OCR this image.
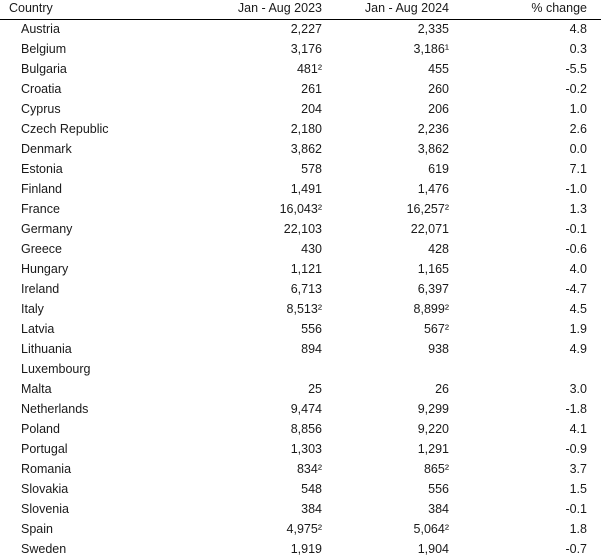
Country	Jan - Aug 2023	Jan - Aug 2024	% change
Austria	2,227	2,335	4.8
Belgium	3,176	3,186¹	0.3
Bulgaria	481²	455	-5.5
Croatia	261	260	-0.2
Cyprus	204	206	1.0
Czech Republic	2,180	2,236	2.6
Denmark	3,862	3,862	0.0
Estonia	578	619	7.1
Finland	1,491	1,476	-1.0
France	16,043²	16,257²	1.3
Germany	22,103	22,071	-0.1
Greece	430	428	-0.6
Hungary	1,121	1,165	4.0
Ireland	6,713	6,397	-4.7
Italy	8,513²	8,899²	4.5
Latvia	556	567²	1.9
Lithuania	894	938	4.9
Luxembourg
Malta	25	26	3.0
Netherlands	9,474	9,299	-1.8
Poland	8,856	9,220	4.1
Portugal	1,303	1,291	-0.9
Romania	834²	865²	3.7
Slovakia	548	556	1.5
Slovenia	384	384	-0.1
Spain	4,975²	5,064²	1.8
Sweden	1,919	1,904	-0.7
